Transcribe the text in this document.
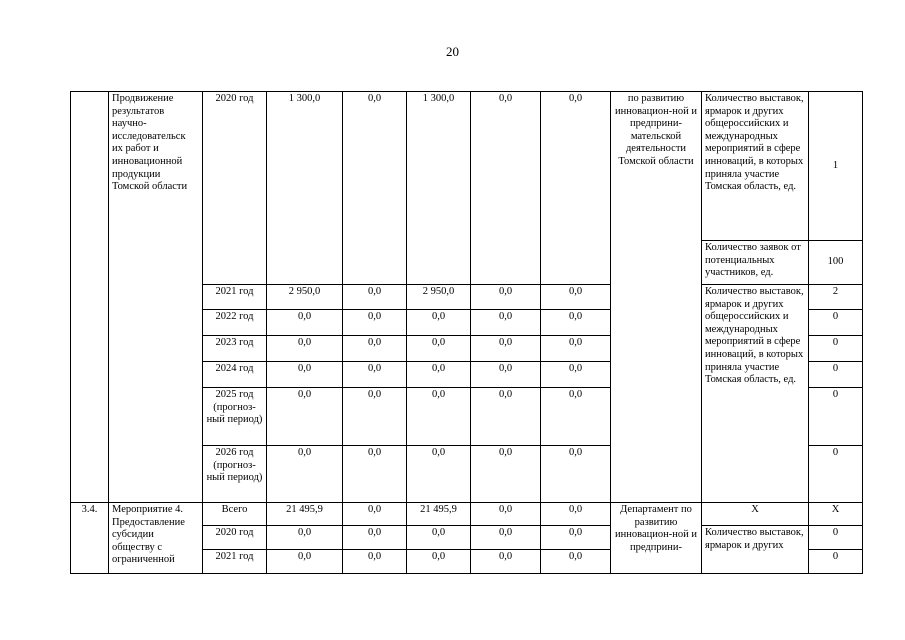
20
	Продвижение результатов научно-исследовательск их работ и инновационной продукции Томской области	2020 год	1 300,0	0,0	1 300,0	0,0	0,0	по развитию инновацион-ной и предприни-мательской деятельности Томской области	Количество выставок, ярмарок и других общероссийских и международных мероприятий в сфере инноваций, в которых приняла участие Томская область, ед.	1
									Количество заявок от потенциальных участников, ед.	100
		2021 год	2 950,0	0,0	2 950,0	0,0	0,0		Количество выставок, ярмарок и других общероссийских и международных мероприятий в сфере инноваций, в которых приняла участие Томская область, ед.	2
		2022 год	0,0	0,0	0,0	0,0	0,0			0
		2023 год	0,0	0,0	0,0	0,0	0,0			0
		2024 год	0,0	0,0	0,0	0,0	0,0			0
		2025 год (прогноз-ный период)	0,0	0,0	0,0	0,0	0,0			0
		2026 год (прогноз-ный период)	0,0	0,0	0,0	0,0	0,0			0
3.4.	Мероприятие 4. Предоставление субсидии обществу с ограниченной	Всего	21 495,9	0,0	21 495,9	0,0	0,0	Департамент по развитию инновацион-ной и предприни-	Х	Х
		2020 год	0,0	0,0	0,0	0,0	0,0		Количество выставок, ярмарок и других	0
		2021 год	0,0	0,0	0,0	0,0	0,0			0
